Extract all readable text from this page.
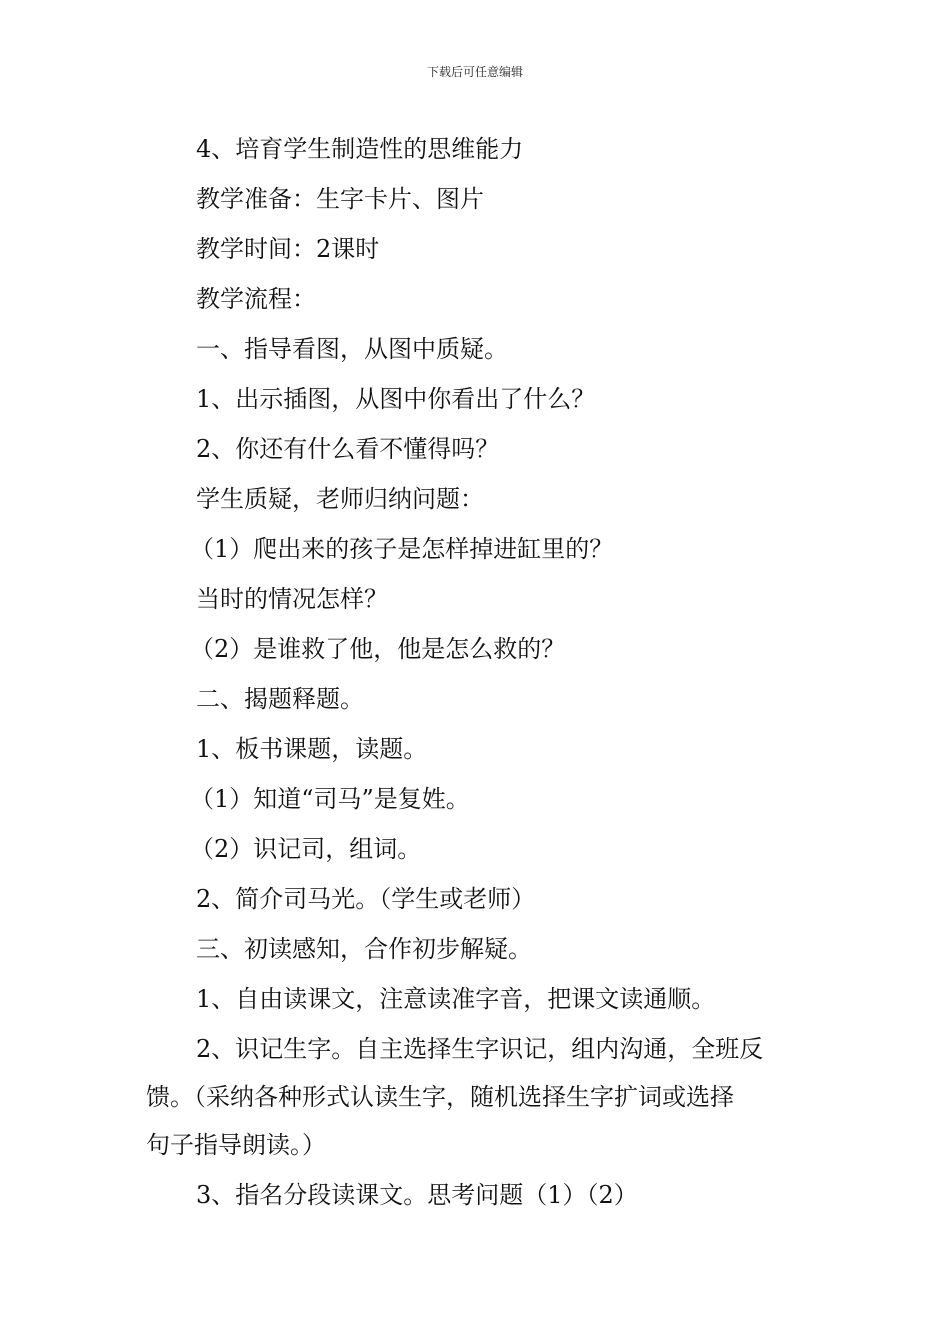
下载后可任意编辑
4、培育学生制造性的思维能力
教学准备：生字卡片、图片
教学时间：2课时
教学流程：
一、指导看图，从图中质疑。
1、出示插图，从图中你看出了什么？
2、你还有什么看不懂得吗？
学生质疑，老师归纳问题：
（1）爬出来的孩子是怎样掉进缸里的？
当时的情况怎样？
（2）是谁救了他，他是怎么救的？
二、揭题释题。
1、板书课题，读题。
（1）知道“司马”是复姓。
（2）识记司，组词。
2、简介司马光。（学生或老师）
三、初读感知，合作初步解疑。
1、自由读课文，注意读准字音，把课文读通顺。
2、识记生字。自主选择生字识记，组内沟通，全班反
馈。（采纳各种形式认读生字，随机选择生字扩词或选择
句子指导朗读。）
3、指名分段读课文。思考问题（1）（2）
